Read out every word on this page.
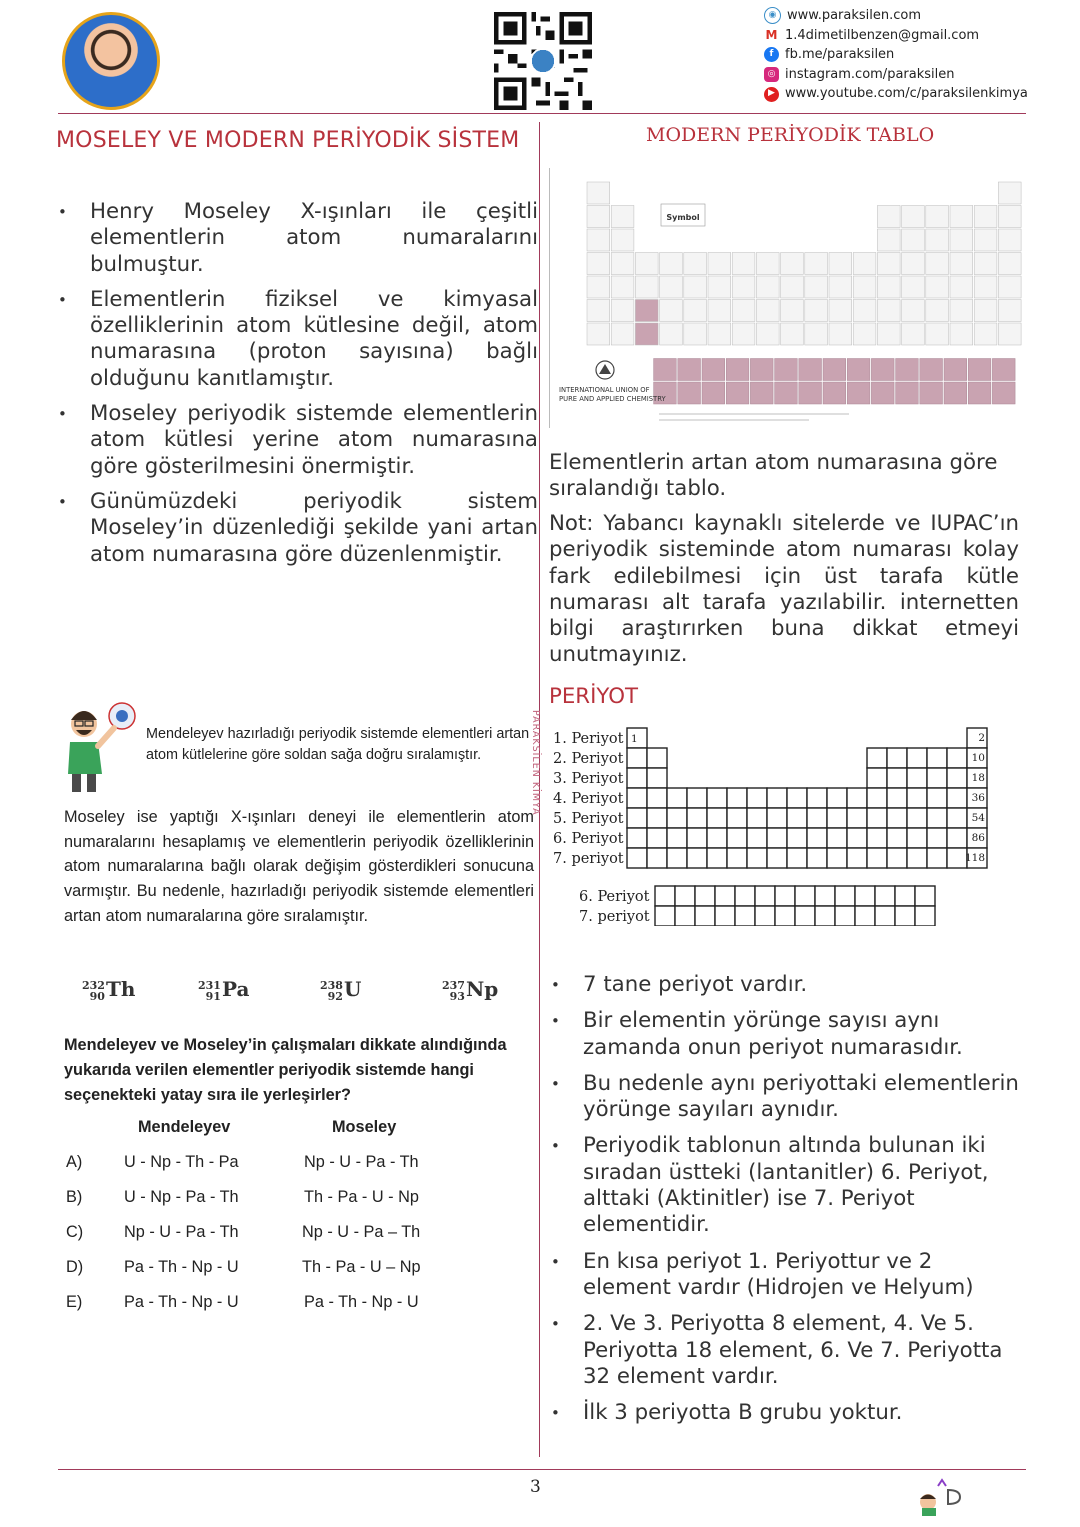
◉ www.paraksilen.com
M 1.4dimetilbenzen@gmail.com
f fb.me/paraksilen
◎ instagram.com/paraksilen
▶ www.youtube.com/c/paraksilenkimya
MOSELEY VE MODERN PERİYODİK SİSTEM
• Henry Moseley X-ışınları ile çeşitli elementlerin atom numaralarını bulmuştur.
• Elementlerin fiziksel ve kimyasal özelliklerinin atom kütlesine değil, atom numarasına (proton sayısına) bağlı olduğunu kanıtlamıştır.
• Moseley periyodik sistemde elementlerin atom kütlesi yerine atom numarasına göre gösterilmesini önermiştir.
• Günümüzdeki periyodik sistem Moseley’in düzenlediği şekilde yani artan atom numarasına göre düzenlenmiştir.
Mendeleyev hazırladığı periyodik sistemde elementleri artan atom kütlelerine göre soldan sağa doğru sıralamıştır.
Moseley ise yaptığı X-ışınları deneyi ile elementlerin atom numaralarını hesaplamış ve elementlerin periyodik özelliklerinin atom numaralarına bağlı olarak değişim gösterdikleri sonucuna varmıştır. Bu nedenle, hazırladığı periyodik sistemde elementleri artan atom numaralarına göre sıralamıştır.
232
90 Th	231
91 Pa	238
92 U	237
93 Np
Mendeleyev ve Moseley’in çalışmaları dikkate alındığında yukarıda verilen elementler periyodik sistemde hangi seçenekteki yatay sıra ile yerleşirler?
Mendeleyev	Moseley
A)	U - Np - Th - Pa	Np - U - Pa - Th
B)	U - Np - Pa - Th	Th - Pa - U - Np
C)	Np - U - Pa - Th	Np - U - Pa – Th
D)	Pa - Th - Np - U	Th - Pa - U – Np
E)	Pa - Th - Np - U	Pa - Th - Np - U
PARAKSİLEN KİMYA
MODERN PERİYODİK TABLO
Symbol
INTERNATIONAL UNION OF
PURE AND APPLIED CHEMISTRY
Elementlerin artan atom numarasına göre sıralandığı tablo.
Not: Yabancı kaynaklı sitelerde ve IUPAC’ın periyodik sisteminde atom numarası kolay fark edilebilmesi için üst tarafa kütle numarası alt tarafa yazılabilir. internetten bilgi araştırırken buna dikkat etmeyi unutmayınız.
PERİYOT
1. Periyot
2. Periyot
3. Periyot
4. Periyot
5. Periyot
6. Periyot
7. periyot
6. Periyot
7. periyot
1	2
10
18
36
54
86
118
• 7 tane periyot vardır.
• Bir elementin yörünge sayısı aynı zamanda onun periyot numarasıdır.
• Bu nedenle aynı periyottaki elementlerin yörünge sayıları aynıdır.
• Periyodik tablonun altında bulunan iki sıradan üstteki (lantanitler) 6. Periyot, alttaki (Aktinitler) ise 7. Periyot elementidir.
• En kısa periyot 1. Periyottur ve 2 element vardır (Hidrojen ve Helyum)
• 2. Ve 3. Periyotta 8 element, 4. Ve 5. Periyotta 18 element, 6. Ve 7. Periyotta 32 element vardır.
• İlk 3 periyotta B grubu yoktur.
3
